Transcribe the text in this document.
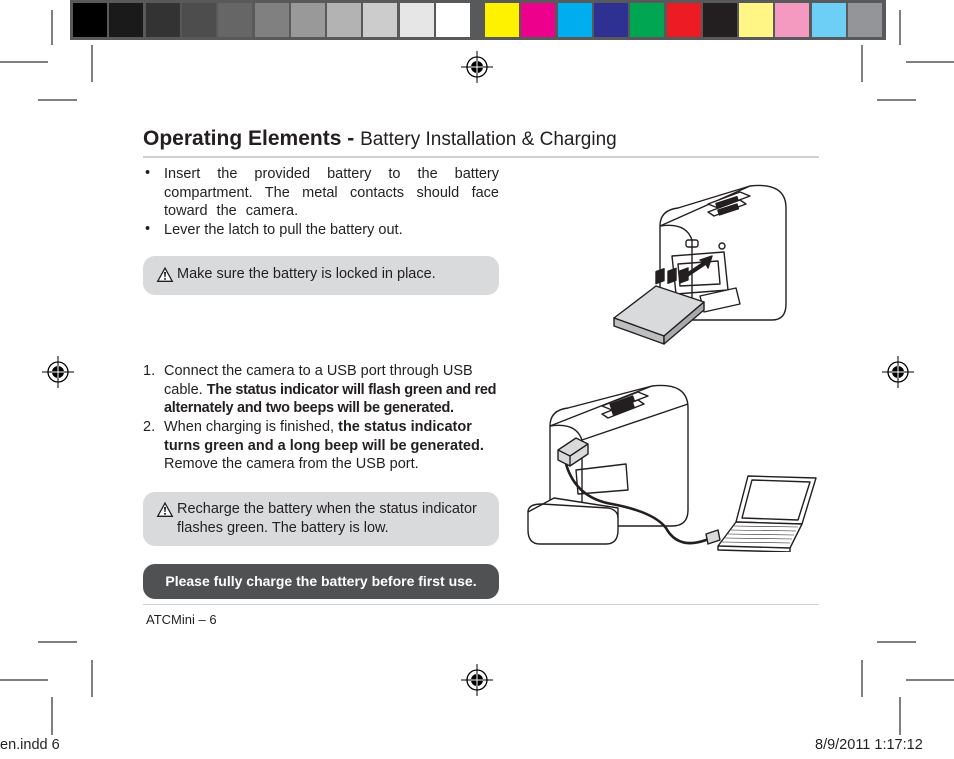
Operating Elements - Battery Installation & Charging
• Insert the provided battery to the battery compartment. The metal contacts should face toward the camera.
• Lever the latch to pull the battery out.
Make sure the battery is locked in place.
1. Connect the camera to a USB port through USB cable. The status indicator will flash green and red alternately and two beeps will be generated.
2. When charging is finished, the status indicator turns green and a long beep will be generated. Remove the camera from the USB port.
Recharge the battery when the status indicator flashes green. The battery is low.
Please fully charge the battery before first use.
ATCMini – 6
en.indd 6	8/9/2011 1:17:12
